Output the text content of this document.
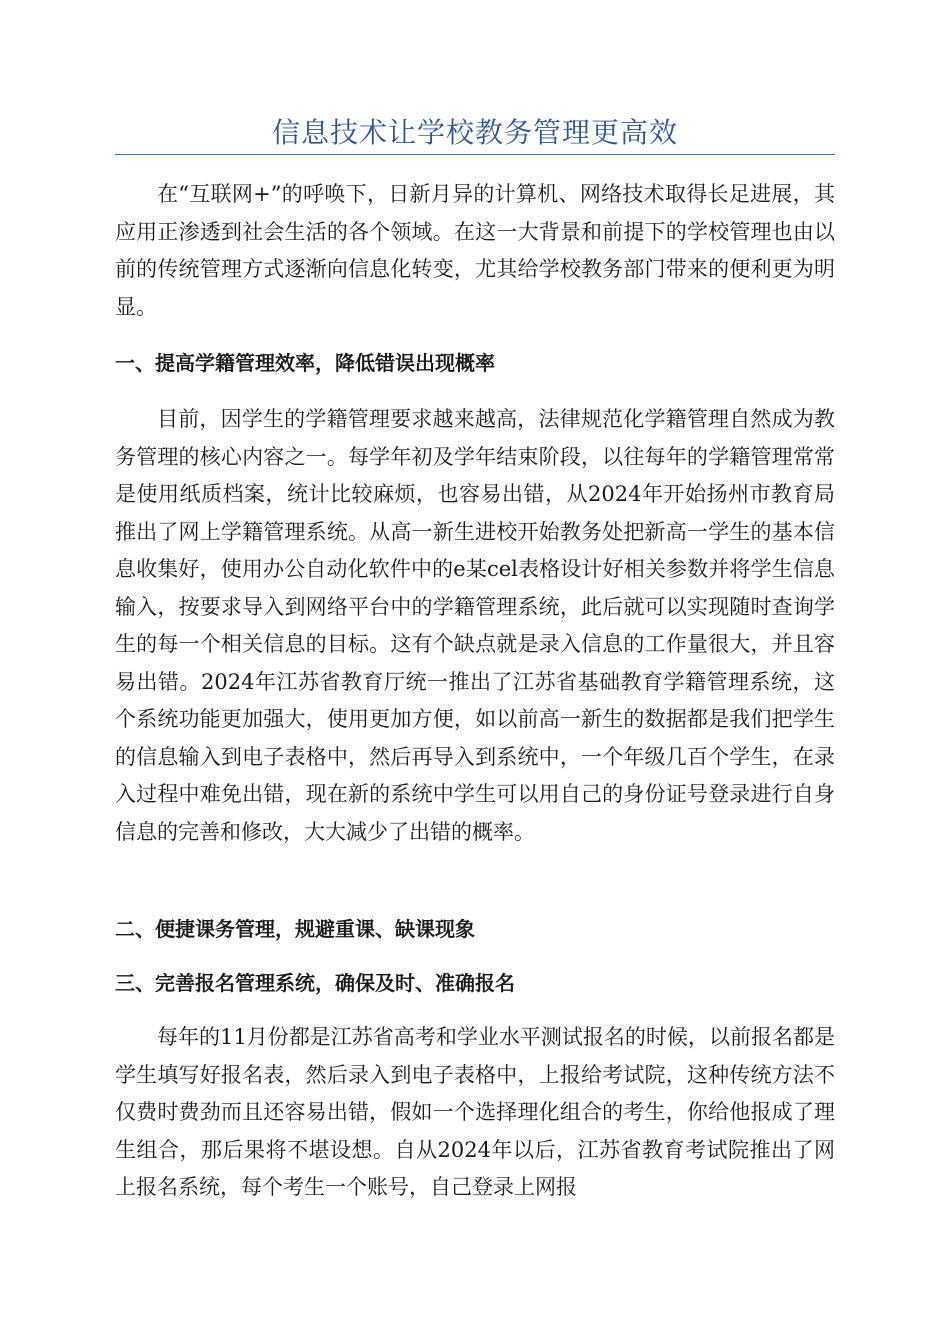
信息技术让学校教务管理更高效

在“互联网+”的呼唤下，日新月异的计算机、网络技术取得长足进展，其应用正渗透到社会生活的各个领域。在这一大背景和前提下的学校管理也由以前的传统管理方式逐渐向信息化转变，尤其给学校教务部门带来的便利更为明显。

一、提高学籍管理效率，降低错误出现概率

目前，因学生的学籍管理要求越来越高，法律规范化学籍管理自然成为教务管理的核心内容之一。每学年初及学年结束阶段，以往每年的学籍管理常常是使用纸质档案，统计比较麻烦，也容易出错，从2024年开始扬州市教育局推出了网上学籍管理系统。从高一新生进校开始教务处把新高一学生的基本信息收集好，使用办公自动化软件中的e某cel表格设计好相关参数并将学生信息输入，按要求导入到网络平台中的学籍管理系统，此后就可以实现随时查询学生的每一个相关信息的目标。这有个缺点就是录入信息的工作量很大，并且容易出错。2024年江苏省教育厅统一推出了江苏省基础教育学籍管理系统，这个系统功能更加强大，使用更加方便，如以前高一新生的数据都是我们把学生的信息输入到电子表格中，然后再导入到系统中，一个年级几百个学生，在录入过程中难免出错，现在新的系统中学生可以用自己的身份证号登录进行自身信息的完善和修改，大大减少了出错的概率。

二、便捷课务管理，规避重课、缺课现象
三、完善报名管理系统，确保及时、准确报名

每年的11月份都是江苏省高考和学业水平测试报名的时候，以前报名都是学生填写好报名表，然后录入到电子表格中，上报给考试院，这种传统方法不仅费时费劲而且还容易出错，假如一个选择理化组合的考生，你给他报成了理生组合，那后果将不堪设想。自从2024年以后，江苏省教育考试院推出了网上报名系统，每个考生一个账号，自己登录上网报
